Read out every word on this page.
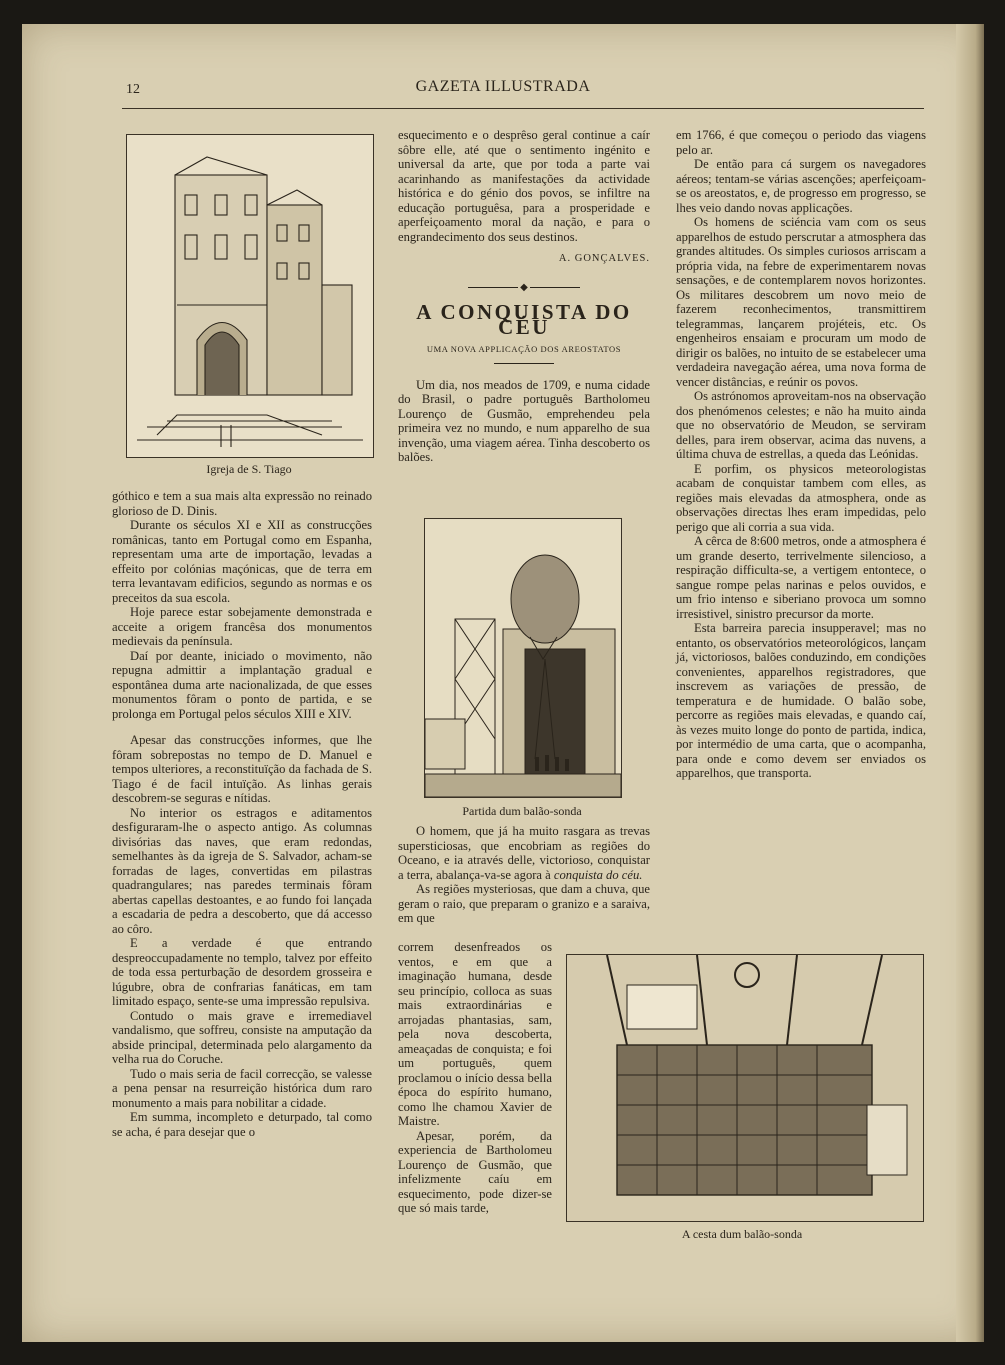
12	GAZETA ILLUSTRADA
Igreja de S. Tiago

góthico e tem a sua mais alta expressão no reinado glorioso de D. Dinis.

Durante os séculos XI e XII as construcções românicas, tanto em Portugal como em Espanha, representam uma arte de importação, levadas a effeito por colónias maçónicas, que de terra em terra levantavam edificios, segundo as normas e os preceitos da sua escola.

Hoje parece estar sobejamente demonstrada e acceite a origem francêsa dos monumentos medievais da península.

Daí por deante, iniciado o movimento, não repugna admittir a implantação gradual e espontânea duma arte nacionalizada, de que esses monumentos fôram o ponto de partida, e se prolonga em Portugal pelos séculos XIII e XIV.

Apesar das construcções informes, que lhe fôram sobrepostas no tempo de D. Manuel e tempos ulteriores, a reconstituïção da fachada de S. Tiago é de facil intuïção. As linhas gerais descobrem-se seguras e nítidas.

No interior os estragos e aditamentos desfiguraram-lhe o aspecto antigo. As columnas divisórias das naves, que eram redondas, semelhantes às da igreja de S. Salvador, acham-se forradas de lages, convertidas em pilastras quadrangulares; nas paredes terminais fôram abertas capellas destoantes, e ao fundo foi lançada a escadaria de pedra a descoberto, que dá accesso ao côro.

E a verdade é que entrando despreoccupadamente no templo, talvez por effeito de toda essa perturbação de desordem grosseira e lúgubre, obra de confrarias fanáticas, em tam limitado espaço, sente-se uma impressão repulsiva.

Contudo o mais grave e irremediavel vandalismo, que soffreu, consiste na amputação da abside principal, determinada pelo alargamento da velha rua do Coruche.

Tudo o mais seria de facil correcção, se valesse a pena pensar na resurreição histórica dum raro monumento a mais para nobilitar a cidade.

Em summa, incompleto e deturpado, tal como se acha, é para desejar que o

esquecimento e o desprêso geral continue a caír sôbre elle, até que o sentimento ingénito e universal da arte, que por toda a parte vai acarinhando as manifestações da actividade histórica e do génio dos povos, se infiltre na educação portuguêsa, para a prosperidade e aperfeiçoamento moral da nação, e para o engrandecimento dos seus destinos.

A. GONÇALVES.
◆
A CONQUISTA DO CÉU
UMA NOVA APPLICAÇÃO DOS AREOSTATOS

Um dia, nos meados de 1709, e numa cidade do Brasil, o padre português Bartholomeu Lourenço de Gusmão, emprehendeu pela primeira vez no mundo, e num apparelho de sua invenção, uma viagem aérea. Tinha descoberto os balões.

Partida dum balão-sonda

O homem, que já ha muito rasgara as trevas supersticiosas, que encobriam as regiões do Oceano, e ia através delle, victorioso, conquistar a terra, abalança-va-se agora à conquista do céu.

As regiões mysteriosas, que dam a chuva, que geram o raio, que preparam o granizo e a saraiva, em que

correm desenfreados os ventos, e em que a imaginação humana, desde seu princípio, colloca as suas mais extraordinárias e arrojadas phantasias, sam, pela nova descoberta, ameaçadas de conquista; e foi um português, quem proclamou o início dessa bella época do espírito humano, como lhe chamou Xavier de Maistre.

Apesar, porém, da experiencia de Bartholomeu Lourenço de Gusmão, que infelizmente caíu em esquecimento, pode dizer-se que só mais tarde,

em 1766, é que começou o periodo das viagens pelo ar.

De então para cá surgem os navegadores aéreos; tentam-se várias ascenções; aperfeiçoam-se os areostatos, e, de progresso em progresso, se lhes veio dando novas applicações.

Os homens de sciéncia vam com os seus apparelhos de estudo perscrutar a atmosphera das grandes altitudes. Os simples curiosos arriscam a própria vida, na febre de experimentarem novas sensações, e de contemplarem novos horizontes. Os militares descobrem um novo meio de fazerem reconhecimentos, transmittirem telegrammas, lançarem projéteis, etc. Os engenheiros ensaiam e procuram um modo de dirigir os balões, no intuito de se estabelecer uma verdadeira navegação aérea, uma nova forma de vencer distâncias, e reúnir os povos.

Os astrónomos aproveitam-nos na observação dos phenómenos celestes; e não ha muito ainda que no observatório de Meudon, se serviram delles, para irem observar, acima das nuvens, a última chuva de estrellas, a queda das Leónidas.

E porfim, os physicos meteorologistas acabam de conquistar tambem com elles, as regiões mais elevadas da atmosphera, onde as observações directas lhes eram impedidas, pelo perigo que ali corria a sua vida.

A cêrca de 8:600 metros, onde a atmosphera é um grande deserto, terrivelmente silencioso, a respiração difficulta-se, a vertigem entontece, o sangue rompe pelas narinas e pelos ouvidos, e um frio intenso e siberiano provoca um somno irresistivel, sinistro precursor da morte.

Esta barreira parecia insupperavel; mas no entanto, os observatórios meteorológicos, lançam já, victoriosos, balões conduzindo, em condições convenientes, apparelhos registradores, que inscrevem as variações de pressão, de temperatura e de humidade. O balão sobe, percorre as regiões mais elevadas, e quando caí, às vezes muito longe do ponto de partida, indica, por intermédio de uma carta, que o acompanha, para onde e como devem ser enviados os apparelhos, que transporta.

A cesta dum balão-sonda
